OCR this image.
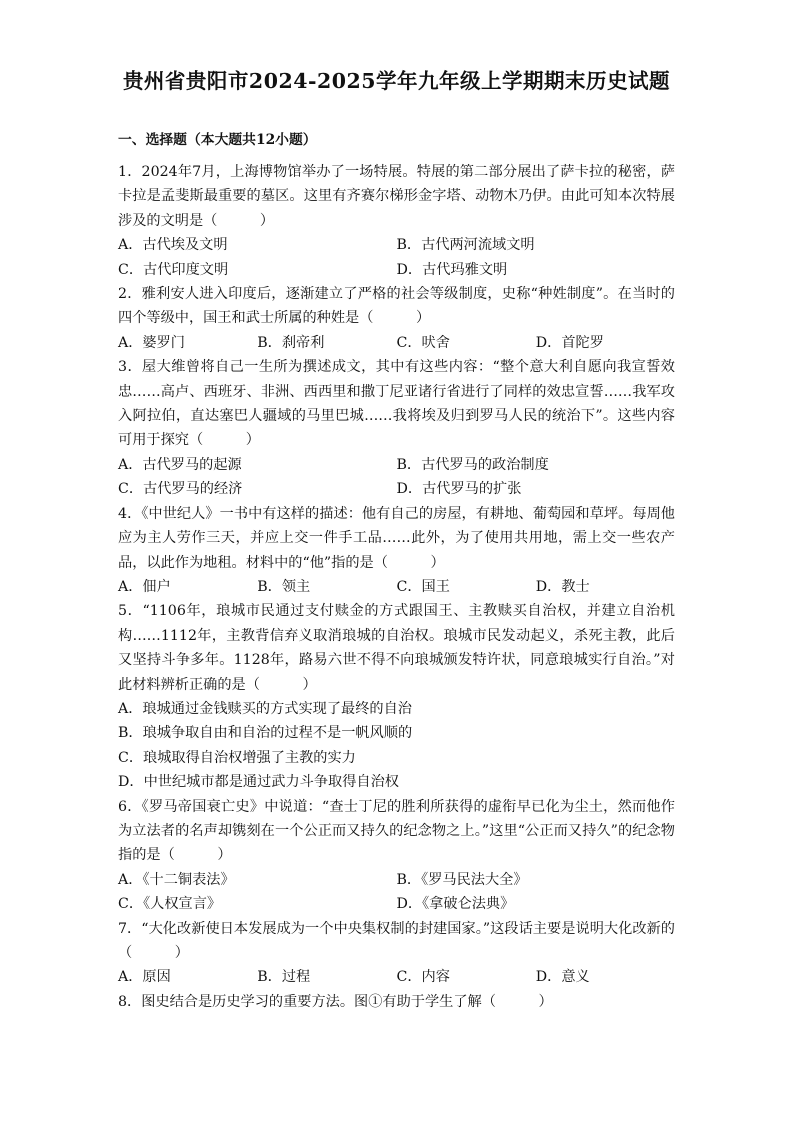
贵州省贵阳市2024-2025学年九年级上学期期末历史试题
一、选择题（本大题共12小题）
1．2024年7月，上海博物馆举办了一场特展。特展的第二部分展出了萨卡拉的秘密，萨卡拉是孟斐斯最重要的墓区。这里有齐赛尔梯形金字塔、动物木乃伊。由此可知本次特展涉及的文明是（　　　）
A．古代埃及文明	B．古代两河流域文明
C．古代印度文明	D．古代玛雅文明
2．雅利安人进入印度后，逐渐建立了严格的社会等级制度，史称“种姓制度”。在当时的四个等级中，国王和武士所属的种姓是（　　　）
A．婆罗门	B．刹帝利	C．吠舍	D．首陀罗
3．屋大维曾将自己一生所为撰述成文，其中有这些内容：“整个意大利自愿向我宣誓效忠……高卢、西班牙、非洲、西西里和撒丁尼亚诸行省进行了同样的效忠宣誓……我军攻入阿拉伯，直达塞巴人疆域的马里巴城……我将埃及归到罗马人民的统治下”。这些内容可用于探究（　　　）
A．古代罗马的起源	B．古代罗马的政治制度
C．古代罗马的经济	D．古代罗马的扩张
4．《中世纪人》一书中有这样的描述：他有自己的房屋，有耕地、葡萄园和草坪。每周他应为主人劳作三天，并应上交一件手工品……此外，为了使用共用地，需上交一些农产品，以此作为地租。材料中的“他”指的是（　　　）
A．佃户	B．领主	C．国王	D．教士
5．“1106年，琅城市民通过支付赎金的方式跟国王、主教赎买自治权，并建立自治机构……1112年，主教背信弃义取消琅城的自治权。琅城市民发动起义，杀死主教，此后又坚持斗争多年。1128年，路易六世不得不向琅城颁发特许状，同意琅城实行自治。”对此材料辨析正确的是（　　　）
A．琅城通过金钱赎买的方式实现了最终的自治
B．琅城争取自由和自治的过程不是一帆风顺的
C．琅城取得自治权增强了主教的实力
D．中世纪城市都是通过武力斗争取得自治权
6．《罗马帝国衰亡史》中说道：“查士丁尼的胜利所获得的虚衔早已化为尘土，然而他作为立法者的名声却镌刻在一个公正而又持久的纪念物之上。”这里“公正而又持久”的纪念物指的是（　　　）
A．《十二铜表法》	B．《罗马民法大全》
C．《人权宣言》	D．《拿破仑法典》
7．“大化改新使日本发展成为一个中央集权制的封建国家。”这段话主要是说明大化改新的（　　　）
A．原因	B．过程	C．内容	D．意义
8．图史结合是历史学习的重要方法。图①有助于学生了解（　　　）
